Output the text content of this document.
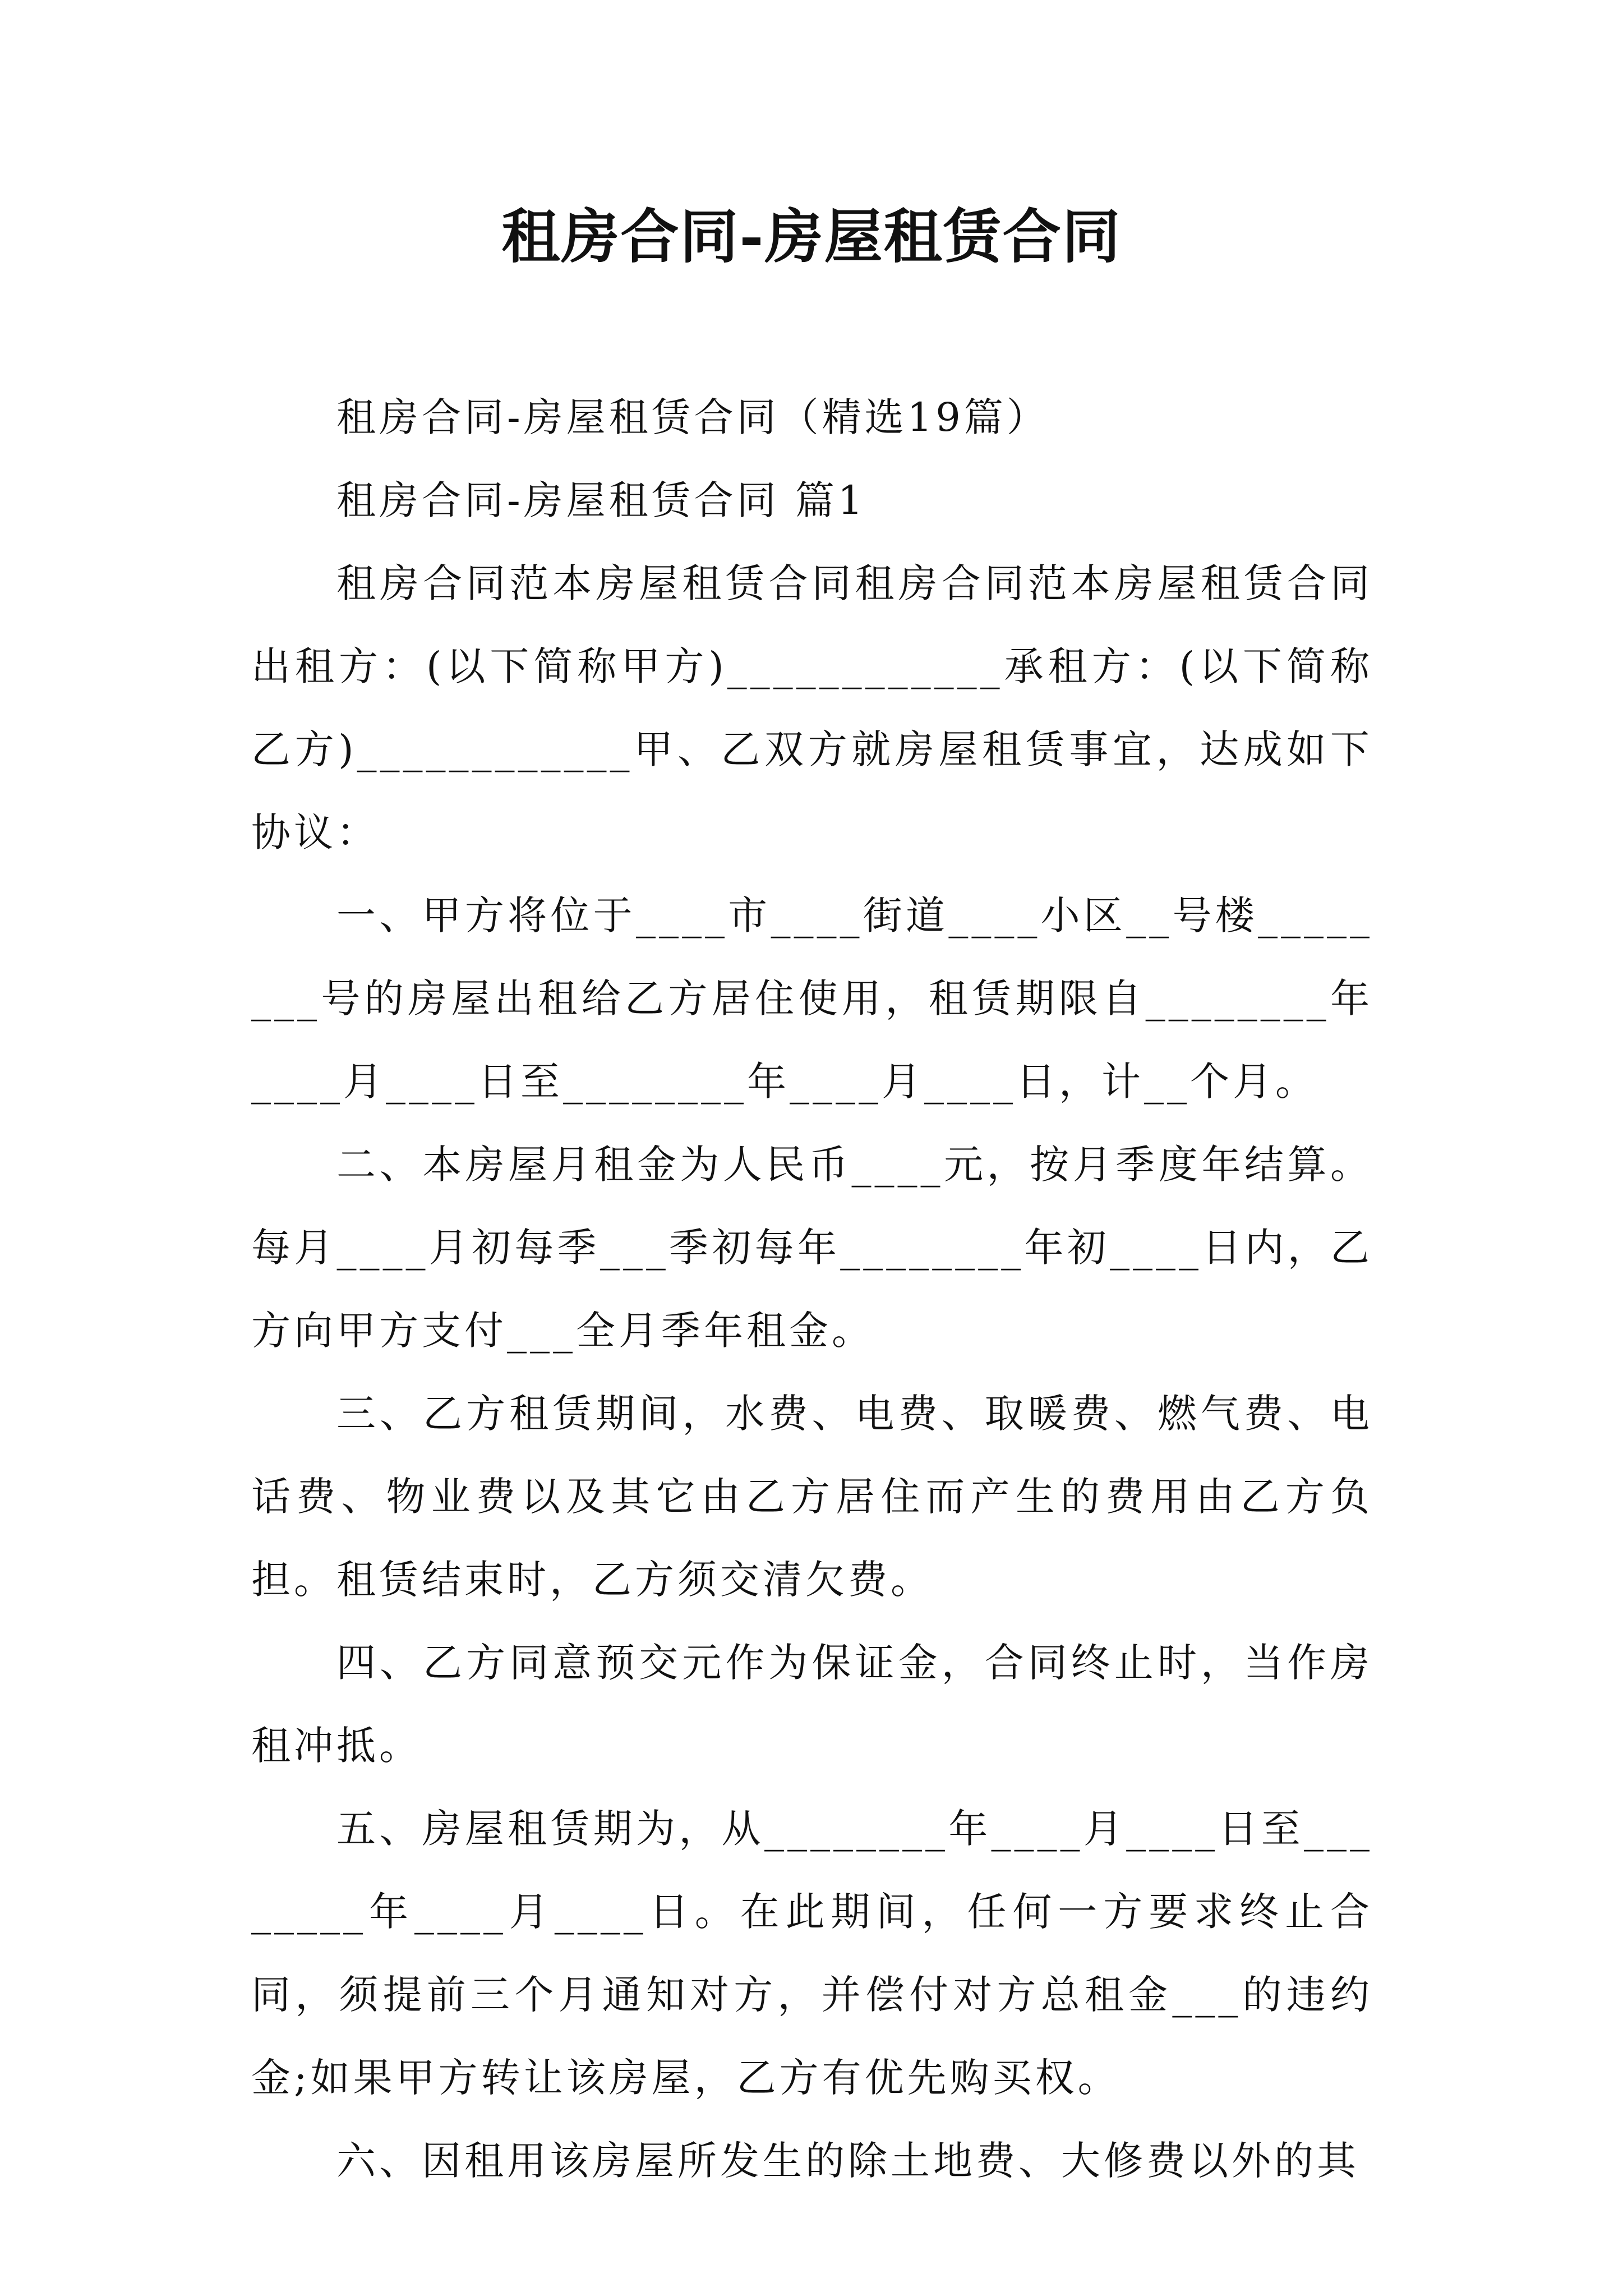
租房合同-房屋租赁合同

租房合同-房屋租赁合同（精选19篇）

租房合同-房屋租赁合同 篇1

租房合同范本房屋租赁合同租房合同范本房屋租赁合同出租方：(以下简称甲方)____________承租方：(以下简称乙方)____________甲、乙双方就房屋租赁事宜，达成如下协议：

一、甲方将位于____市____街道____小区__号楼________号的房屋出租给乙方居住使用，租赁期限自________年____月____日至________年____月____日，计__个月。

二、本房屋月租金为人民币____元，按月季度年结算。每月____月初每季___季初每年________年初____日内，乙方向甲方支付___全月季年租金。

三、乙方租赁期间，水费、电费、取暖费、燃气费、电话费、物业费以及其它由乙方居住而产生的费用由乙方负担。租赁结束时，乙方须交清欠费。

四、乙方同意预交元作为保证金，合同终止时，当作房租冲抵。

五、房屋租赁期为，从________年____月____日至________年____月____日。在此期间，任何一方要求终止合同，须提前三个月通知对方，并偿付对方总租金___的违约金;如果甲方转让该房屋，乙方有优先购买权。

六、因租用该房屋所发生的除土地费、大修费以外的其
